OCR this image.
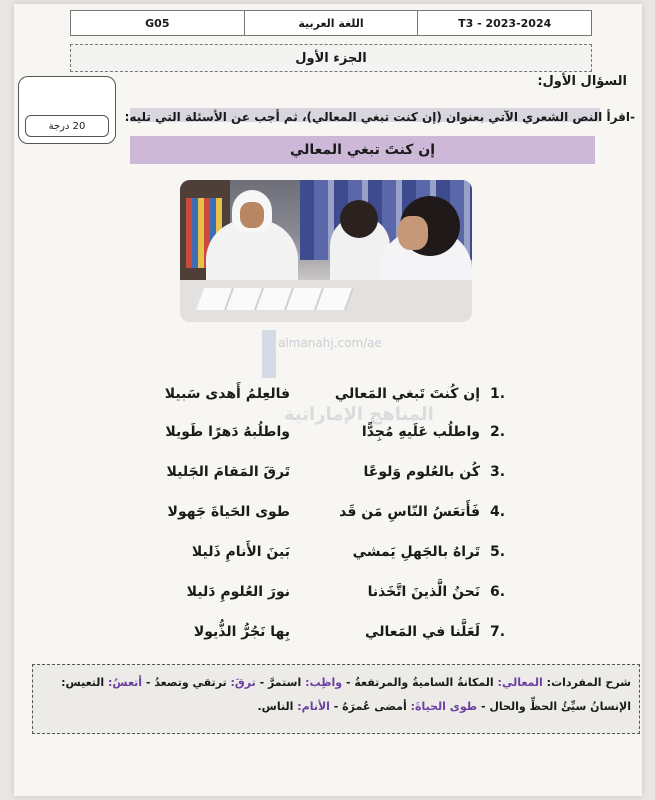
G05	اللغة العربية	T3 - 2023-2024
الجزء الأول
السؤال الأول:
20 درجة
-اقرأ النص الشعري الآتي بعنوان (إن كنت تبغي المعالي)، ثم أجب عن الأسئلة التي تليه:
إن كنتَ تبغي المعالي
almanahj.com/ae
المناهج الإماراتية
1.
إن كُنتَ تَبغي المَعالي
فالعِلمُ أَهدى سَبيلا
2.
واطلُب عَلَيهِ مُجِدًّا
واطلُبهُ دَهرًا طَويلا
3.
كُن بالعُلوم وَلوعًا
تَرقَ المَقامَ الجَليلا
4.
فَأَتعَسُ النّاسِ مَن قَد
طوى الحَياةَ جَهولا
5.
تَراهُ بالجَهلِ يَمشي
بَينَ الأَنامِ ذَليلا
6.
نَحنُ الَّذينَ اتَّخَذنا
نورَ العُلومِ دَليلا
7.
لَعَلَّنا في المَعالي
بِها نَجُرُّ الذُّيولا
شرح المفردات: المعالي: المكانةُ الساميةُ والمرتفعةُ - واظِب: استمرَّ - ترقَ: ترتقي وتصعدُ - أتعسُ: التعيس:
الإنسانُ سيِّئُ الحظِّ والحال - طوى الحياةَ: أمضى عُمرَهُ - الأنام: الناس.
